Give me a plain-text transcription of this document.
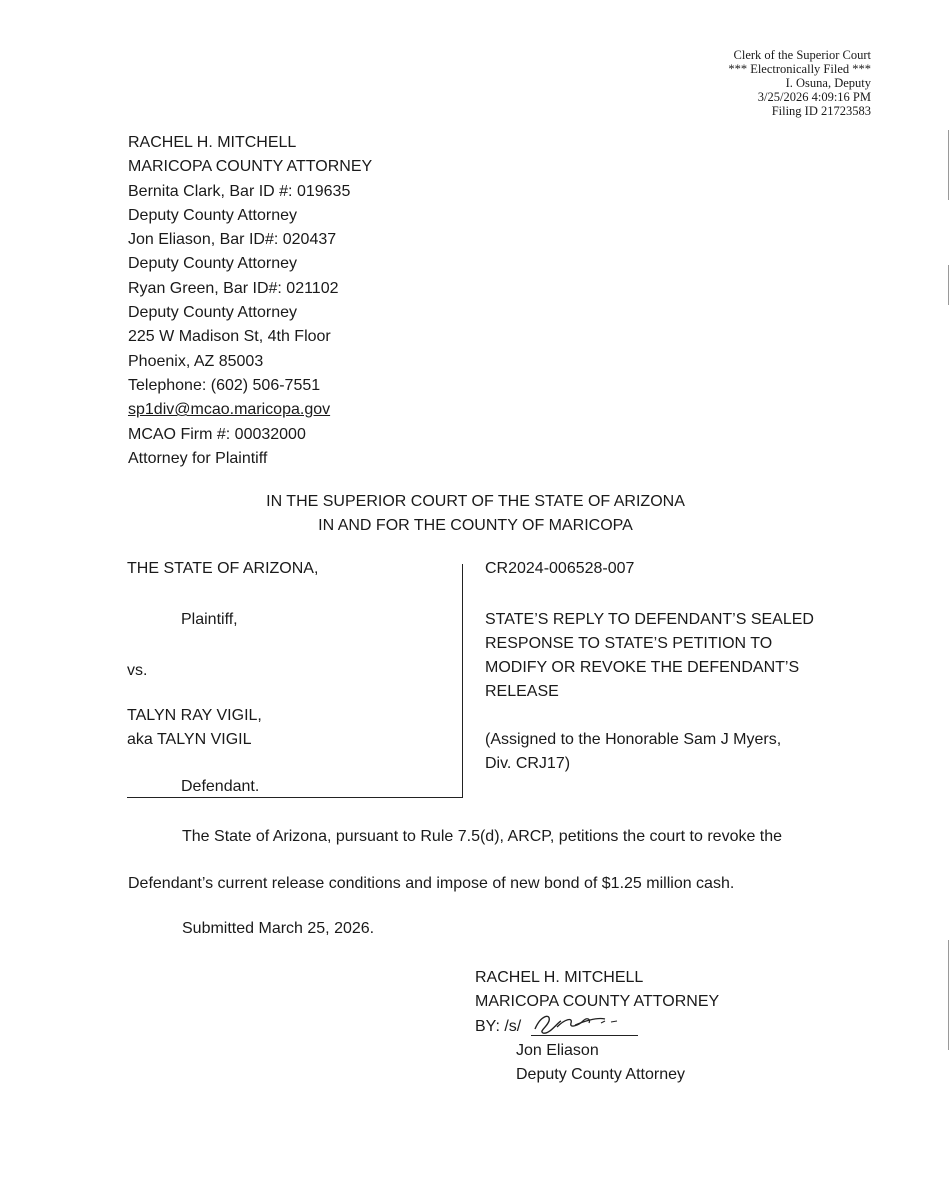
Clerk of the Superior Court
*** Electronically Filed ***
I. Osuna, Deputy
3/25/2026 4:09:16 PM
Filing ID 21723583
RACHEL H. MITCHELL
MARICOPA COUNTY ATTORNEY
Bernita Clark, Bar ID #: 019635
Deputy County Attorney
Jon Eliason, Bar ID#: 020437
Deputy County Attorney
Ryan Green, Bar ID#: 021102
Deputy County Attorney
225 W Madison St, 4th Floor
Phoenix, AZ 85003
Telephone: (602) 506-7551
sp1div@mcao.maricopa.gov
MCAO Firm #: 00032000
Attorney for Plaintiff
IN THE SUPERIOR COURT OF THE STATE OF ARIZONA
IN AND FOR THE COUNTY OF MARICOPA
THE STATE OF ARIZONA,
Plaintiff,
vs.
TALYN RAY VIGIL,
aka TALYN VIGIL
Defendant.
CR2024-006528-007
STATE’S REPLY TO DEFENDANT’S SEALED
RESPONSE TO STATE’S PETITION TO
MODIFY OR REVOKE THE DEFENDANT’S
RELEASE
(Assigned to the Honorable Sam J Myers,
Div. CRJ17)
The State of Arizona, pursuant to Rule 7.5(d), ARCP, petitions the court to revoke the
Defendant’s current release conditions and impose of new bond of $1.25 million cash.
Submitted March 25, 2026.
RACHEL H. MITCHELL
MARICOPA COUNTY ATTORNEY
BY: /s/
Jon Eliason
Deputy County Attorney
